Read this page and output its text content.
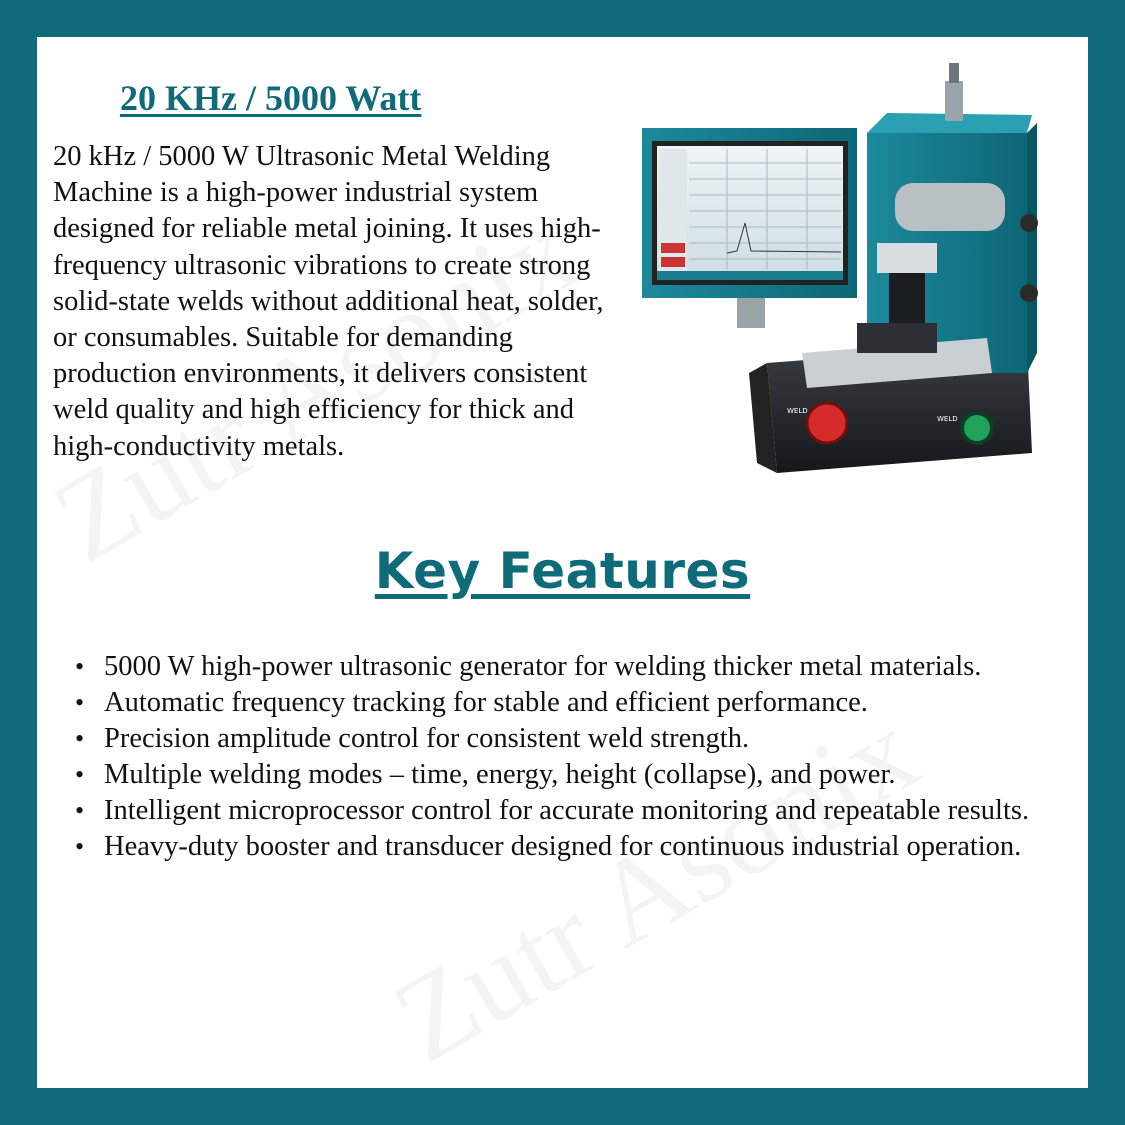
20 KHz / 5000 Watt

20 kHz / 5000 W Ultrasonic Metal Welding Machine is a high-power industrial system designed for reliable metal joining. It uses high-frequency ultrasonic vibrations to create strong solid-state welds without additional heat, solder, or consumables. Suitable for demanding production environments, it delivers consistent weld quality and high efficiency for thick and high-conductivity metals.

WELD
WELD
Key Features
• 5000 W high-power ultrasonic generator for welding thicker metal materials.
• Automatic frequency tracking for stable and efficient performance.
• Precision amplitude control for consistent weld strength.
• Multiple welding modes – time, energy, height (collapse), and power.
• Intelligent microprocessor control for accurate monitoring and repeatable results.
• Heavy-duty booster and transducer designed for continuous industrial operation.
